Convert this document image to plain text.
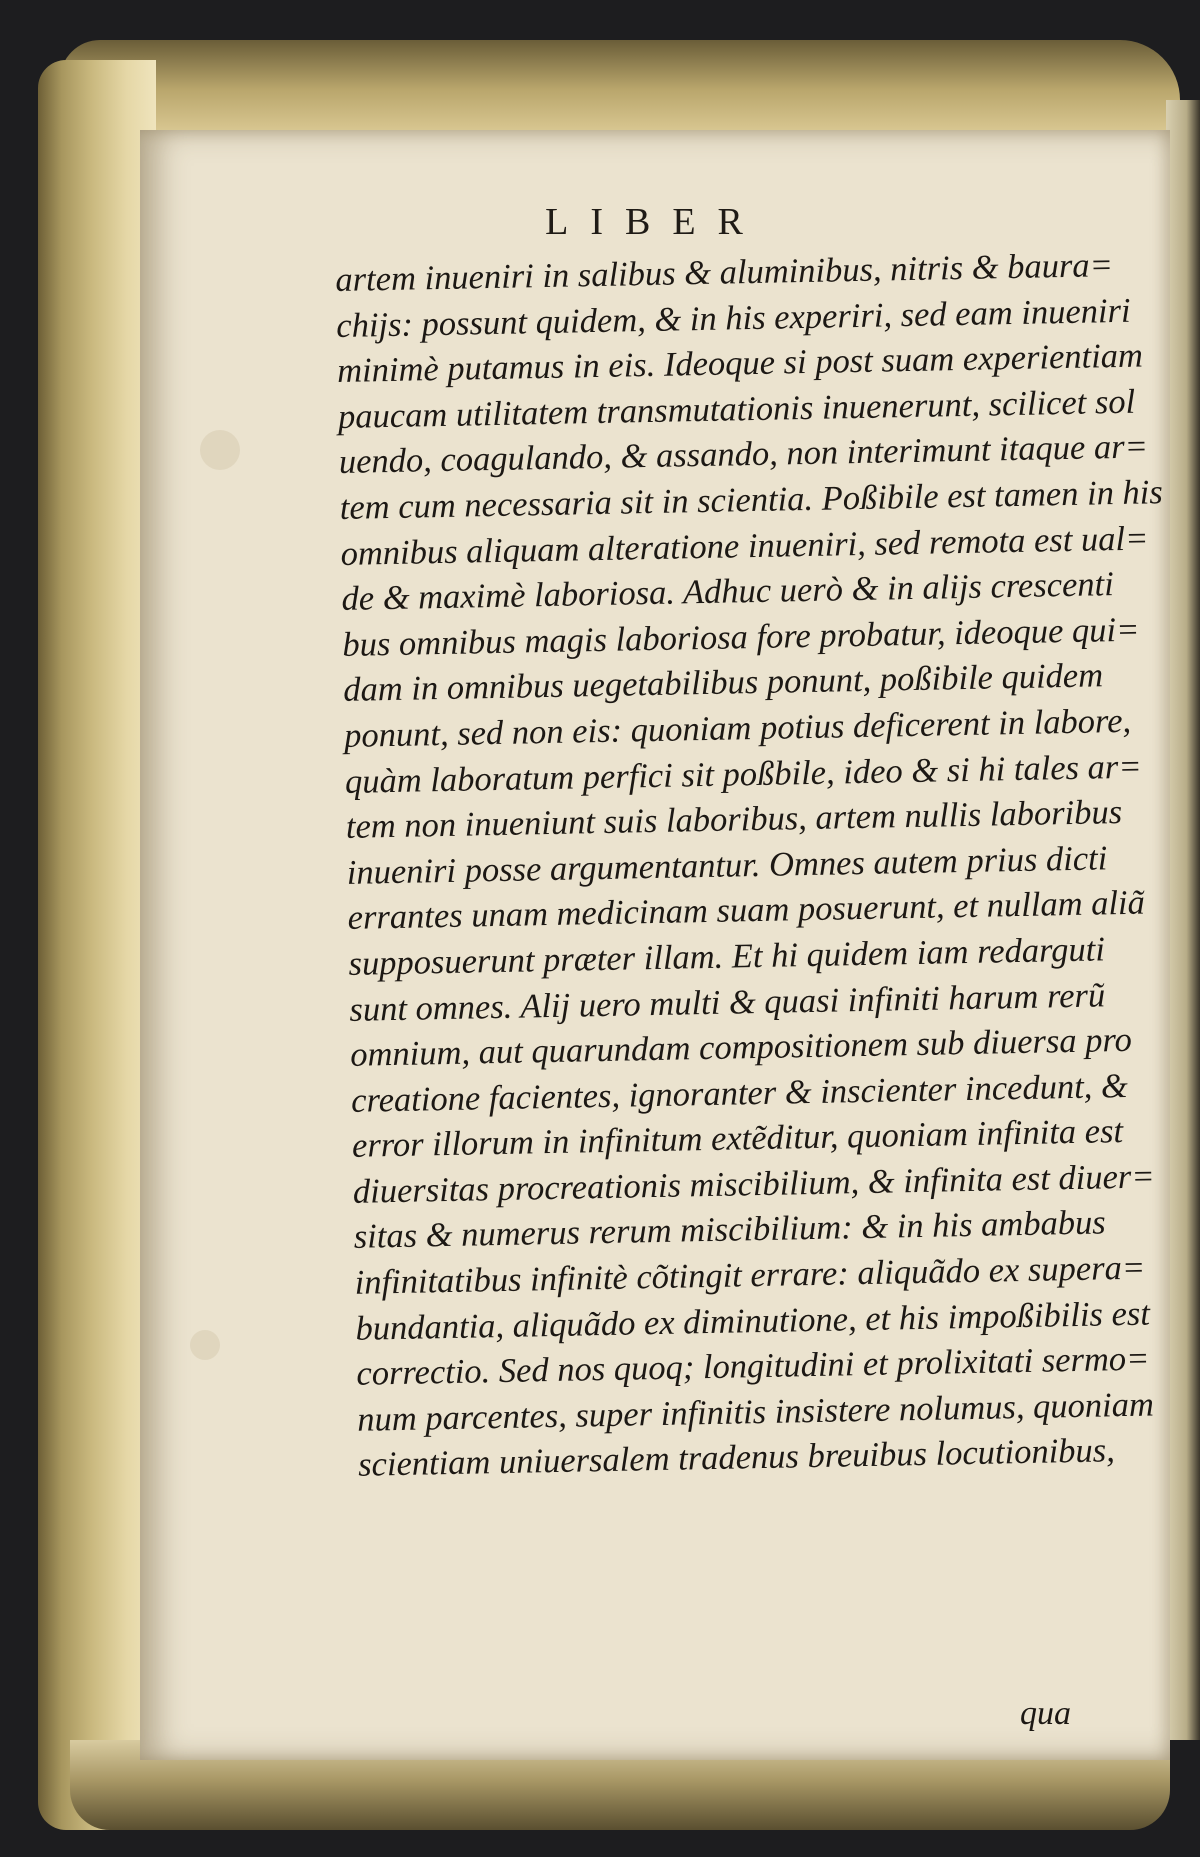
LIBER
artem inueniri in salibus & aluminibus, nitris & baura=
chijs: possunt quidem, & in his experiri, sed eam inueniri
minimè putamus in eis. Ideoque si post suam experientiam
paucam utilitatem transmutationis inuenerunt, scilicet sol
uendo, coagulando, & assando, non interimunt itaque ar=
tem cum necessaria sit in scientia. Poßibile est tamen in his
omnibus aliquam alteratione inueniri, sed remota est ual=
de & maximè laboriosa. Adhuc uerò & in alijs crescenti
bus omnibus magis laboriosa fore probatur, ideoque qui=
dam in omnibus uegetabilibus ponunt, poßibile quidem
ponunt, sed non eis: quoniam potius deficerent in labore,
quàm laboratum perfici sit poßbile, ideo & si hi tales ar=
tem non inueniunt suis laboribus, artem nullis laboribus
inueniri posse argumentantur. Omnes autem prius dicti
errantes unam medicinam suam posuerunt, et nullam aliã
supposuerunt præter illam. Et hi quidem iam redarguti
sunt omnes. Alij uero multi & quasi infiniti harum rerũ
omnium, aut quarundam compositionem sub diuersa pro
creatione facientes, ignoranter & inscienter incedunt, &
error illorum in infinitum extẽditur, quoniam infinita est
diuersitas procreationis miscibilium, & infinita est diuer=
sitas & numerus rerum miscibilium: & in his ambabus
infinitatibus infinitè cõtingit errare: aliquãdo ex supera=
bundantia, aliquãdo ex diminutione, et his impoßibilis est
correctio. Sed nos quoq; longitudini et prolixitati sermo=
num parcentes, super infinitis insistere nolumus, quoniam
scientiam uniuersalem tradenus breuibus locutionibus,
qua
